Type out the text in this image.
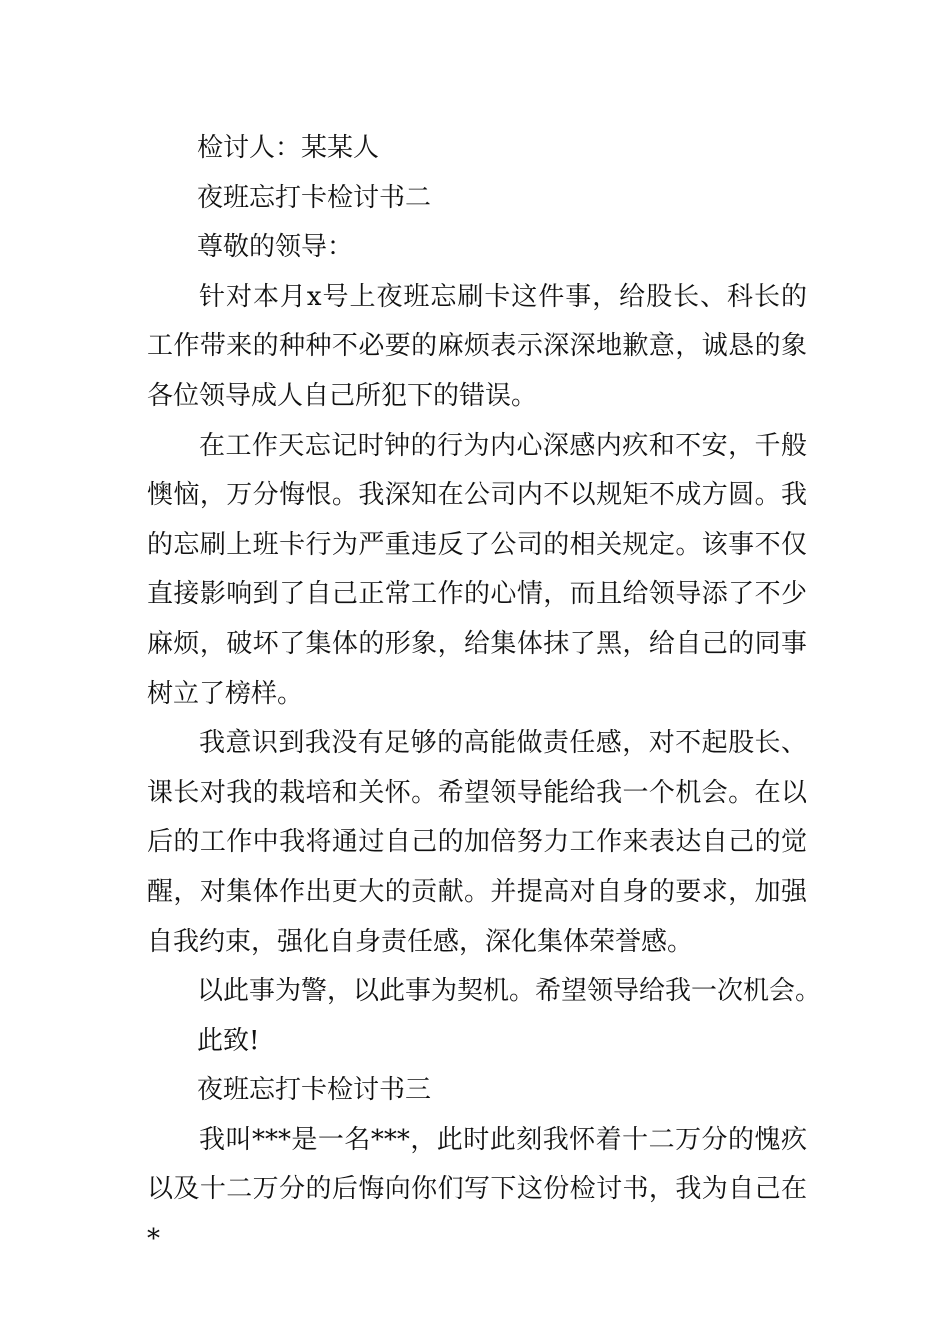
检讨人：某某人
夜班忘打卡检讨书二
尊敬的领导：
针对本月x号上夜班忘刷卡这件事，给股长、科长的工作带来的种种不必要的麻烦表示深深地歉意，诚恳的象各位领导成人自己所犯下的错误。
在工作天忘记时钟的行为内心深感内疚和不安，千般懊恼，万分悔恨。我深知在公司内不以规矩不成方圆。我的忘刷上班卡行为严重违反了公司的相关规定。该事不仅直接影响到了自己正常工作的心情，而且给领导添了不少麻烦，破坏了集体的形象，给集体抹了黑，给自己的同事树立了榜样。
我意识到我没有足够的高能做责任感，对不起股长、课长对我的栽培和关怀。希望领导能给我一个机会。在以后的工作中我将通过自己的加倍努力工作来表达自己的觉醒，对集体作出更大的贡献。并提高对自身的要求，加强自我约束，强化自身责任感，深化集体荣誉感。
以此事为警，以此事为契机。希望领导给我一次机会。
此致!
夜班忘打卡检讨书三
我叫***是一名***，此时此刻我怀着十二万分的愧疚以及十二万分的后悔向你们写下这份检讨书，我为自己在*
